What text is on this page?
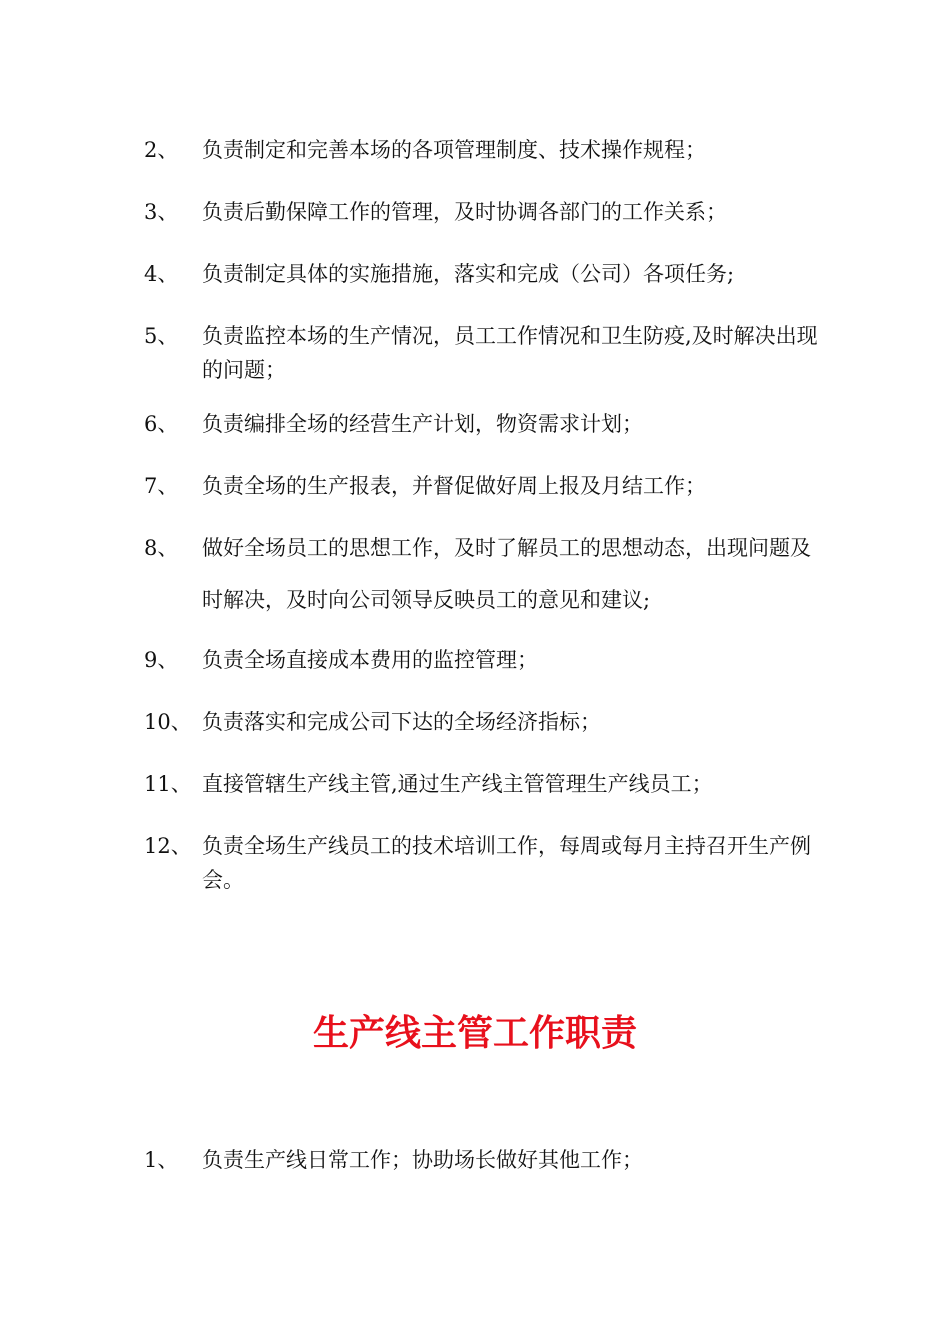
2、	负责制定和完善本场的各项管理制度、技术操作规程；
3、	负责后勤保障工作的管理，及时协调各部门的工作关系；
4、	负责制定具体的实施措施，落实和完成（公司）各项任务;
5、	负责监控本场的生产情况，员工工作情况和卫生防疫,及时解决出现的问题；
6、	负责编排全场的经营生产计划，物资需求计划；
7、	负责全场的生产报表，并督促做好周上报及月结工作；
8、	做好全场员工的思想工作，及时了解员工的思想动态，出现问题及时解决，及时向公司领导反映员工的意见和建议;
9、	负责全场直接成本费用的监控管理；
10、 负责落实和完成公司下达的全场经济指标；
11、 直接管辖生产线主管,通过生产线主管管理生产线员工；
12、 负责全场生产线员工的技术培训工作，每周或每月主持召开生产例会。
生产线主管工作职责
1、	负责生产线日常工作；协助场长做好其他工作；
